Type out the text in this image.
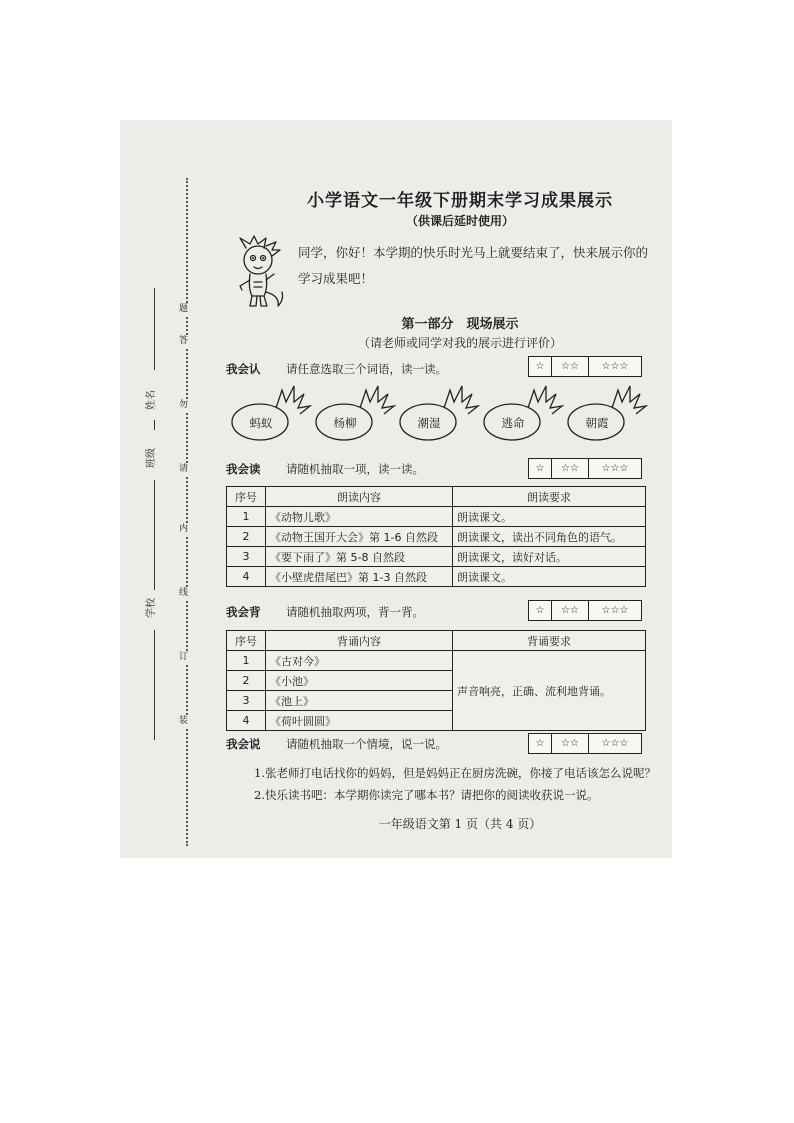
题
答
勿
请
内
线
订
装
姓名
班级
学校
小学语文一年级下册期末学习成果展示
（供课后延时使用）
同学，你好！本学期的快乐时光马上就要结束了，快来展示你的学习成果吧！
第一部分　现场展示
（请老师或同学对我的展示进行评价）
我会认 请任意选取三个词语，读一读。	☆	☆☆	☆☆☆
蚂蚁	杨柳	潮湿	逃命	朝霞
我会读 请随机抽取一项，读一读。	☆	☆☆	☆☆☆
序号	朗读内容	朗读要求
1	《动物儿歌》	朗读课文。
2	《动物王国开大会》第 1-6 自然段	朗读课文，读出不同角色的语气。
3	《要下雨了》第 5-8 自然段	朗读课文，读好对话。
4	《小壁虎借尾巴》第 1-3 自然段	朗读课文。
我会背 请随机抽取两项，背一背。	☆	☆☆	☆☆☆
序号	背诵内容	背诵要求
1	《古对今》	声音响亮，正确、流利地背诵。
2	《小池》	
3	《池上》	
4	《荷叶圆圆》	
我会说 请随机抽取一个情境，说一说。	☆	☆☆	☆☆☆
1.张老师打电话找你的妈妈，但是妈妈正在厨房洗碗，你接了电话该怎么说呢？
2.快乐读书吧：本学期你读完了哪本书？请把你的阅读收获说一说。
一年级语文第 1 页（共 4 页）
